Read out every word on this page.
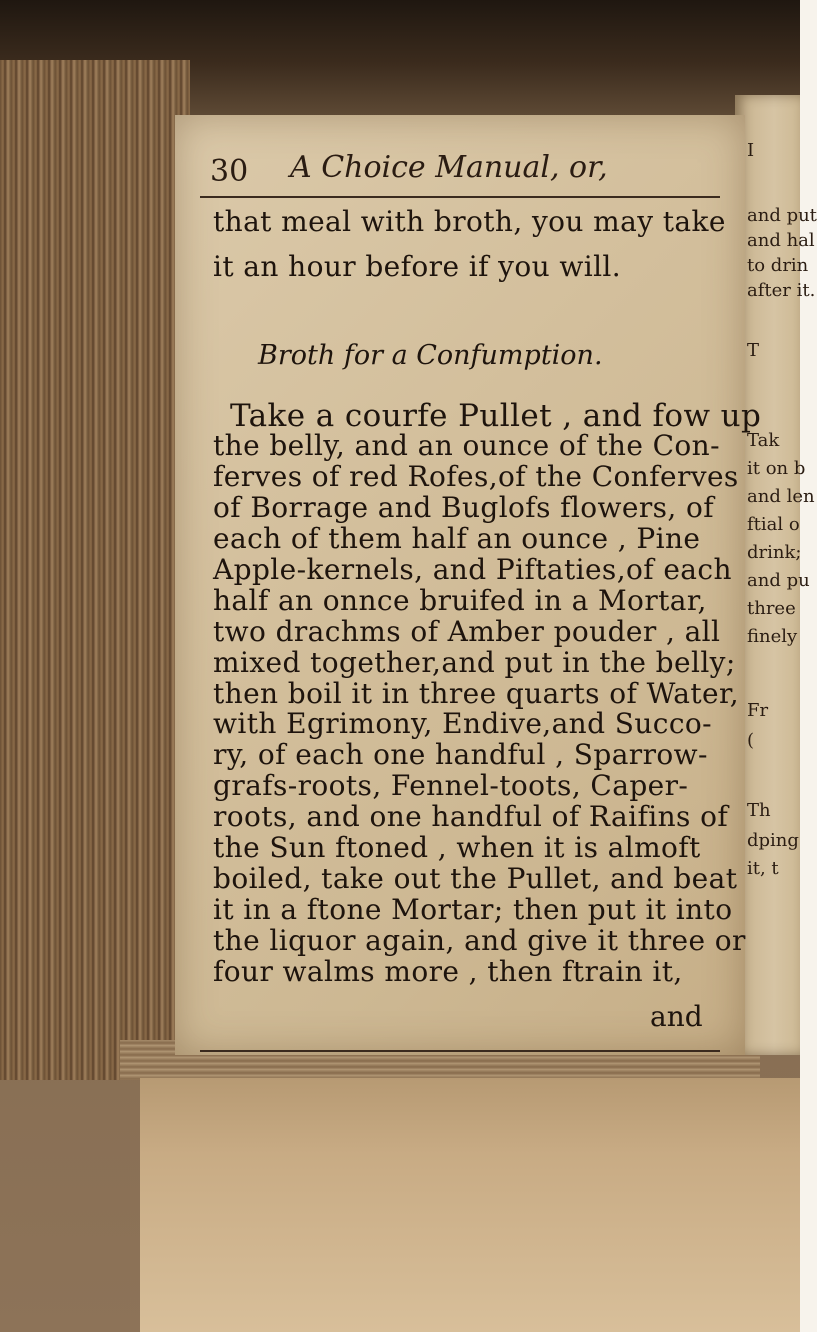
30 A Choice Manual, or,
that meal with broth, you may take
it an hour before if you will.
Broth for a Confumption.
and
I
and put
and hal
to drin
after it.
T
Tak
it on b
and len
ftial o
drink;
and pu
three
finely
Fr
(
Th
dping
it, t
Take a courfe Pullet , and fow up
the belly, and an ounce of the Con-
ferves of red Rofes,of the Conferves
of Borrage and Buglofs flowers, of
each of them half an ounce , Pine
Apple-kernels, and Piftaties,of each
half an onnce bruifed in a Mortar,
two drachms of Amber pouder , all
mixed together,and put in the belly;
then boil it in three quarts of Water,
with Egrimony, Endive,and Succo-
ry, of each one handful , Sparrow-
grafs-roots, Fennel-toots, Caper-
roots, and one handful of Raifins of
the Sun ftoned , when it is almoft
boiled, take out the Pullet, and beat
it in a ftone Mortar; then put it into
the liquor again, and give it three or
four walms more , then ftrain it,
